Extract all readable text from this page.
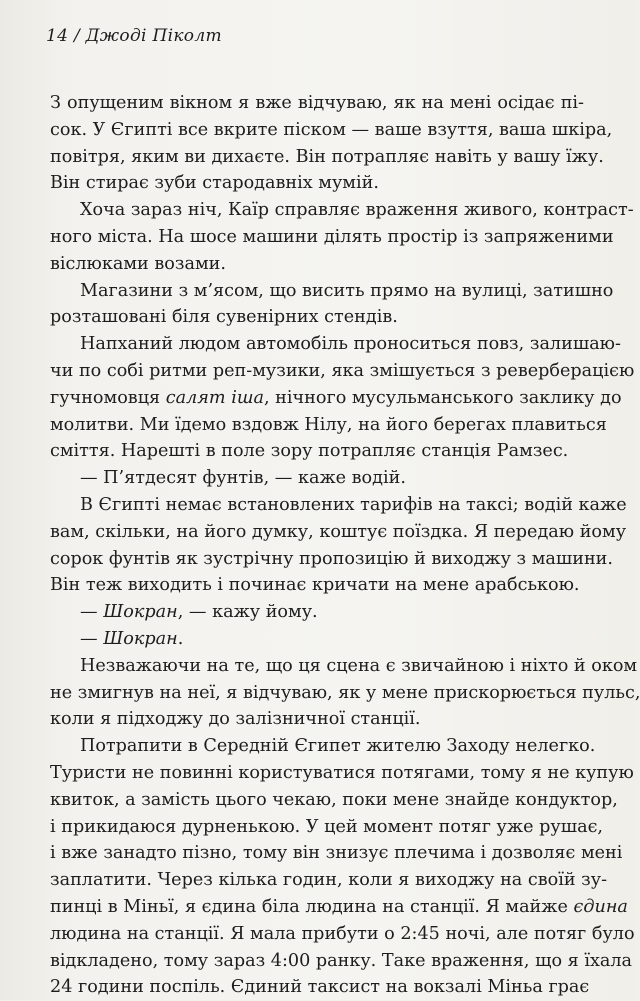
14 / Джоді Піколт
З опущеним вікном я вже відчуваю, як на мені осідає пі-
сок. У Єгипті все вкрите піском — ваше взуття, ваша шкіра,
повітря, яким ви дихаєте. Він потрапляє навіть у вашу їжу.
Він стирає зуби стародавніх мумій.
Хоча зараз ніч, Каїр справляє враження живого, контраст-
ного міста. На шосе машини ділять простір із запряженими
віслюками возами.
Магазини з м’ясом, що висить прямо на вулиці, затишно
розташовані біля сувенірних стендів.
Напханий людом автомобіль проноситься повз, залишаю-
чи по собі ритми реп-музики, яка змішується з реверберацією
гучномовця салят іша, нічного мусульманського заклику до
молитви. Ми їдемо вздовж Нілу, на його берегах плавиться
сміття. Нарешті в поле зору потрапляє станція Рамзес.
— П’ятдесят фунтів, — каже водій.
В Єгипті немає встановлених тарифів на таксі; водій каже
вам, скільки, на його думку, коштує поїздка. Я передаю йому
сорок фунтів як зустрічну пропозицію й виходжу з машини.
Він теж виходить і починає кричати на мене арабською.
— Шокран, — кажу йому.
— Шокран.
Незважаючи на те, що ця сцена є звичайною і ніхто й оком
не змигнув на неї, я відчуваю, як у мене прискорюється пульс,
коли я підходжу до залізничної станції.
Потрапити в Середній Єгипет жителю Заходу нелегко.
Туристи не повинні користуватися потягами, тому я не купую
квиток, а замість цього чекаю, поки мене знайде кондуктор,
і прикидаюся дурненькою. У цей момент потяг уже рушає,
і вже занадто пізно, тому він знизує плечима і дозволяє мені
заплатити. Через кілька годин, коли я виходжу на своїй зу-
пинці в Міньї, я єдина біла людина на станції. Я майже єдина
людина на станції. Я мала прибути о 2:45 ночі, але потяг було
відкладено, тому зараз 4:00 ранку. Таке враження, що я їхала
24 години поспіль. Єдиний таксист на вокзалі Міньа грає
